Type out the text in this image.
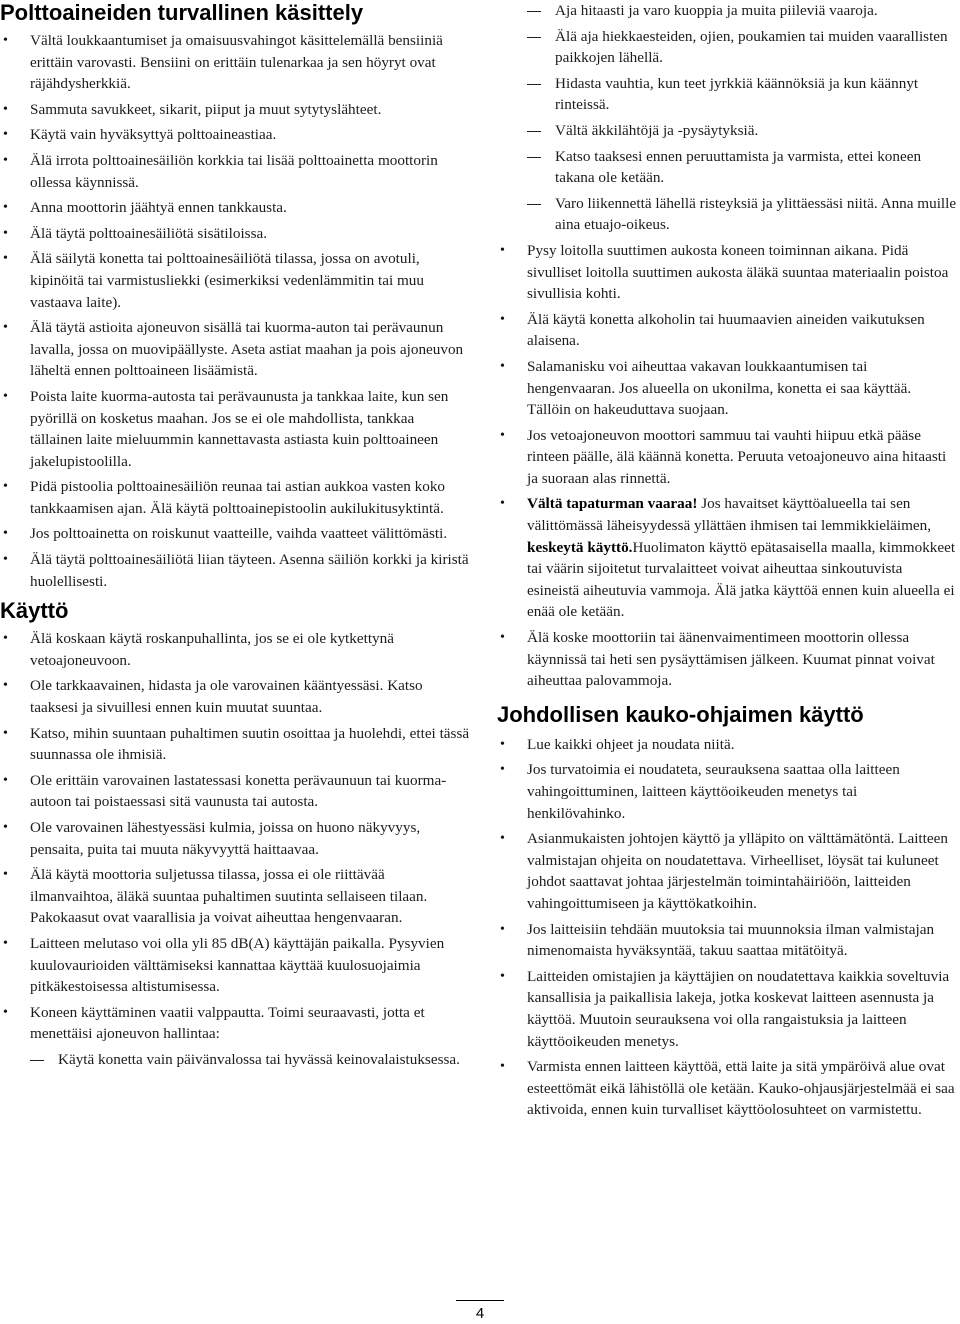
Polttoaineiden turvallinen käsittely
• Vältä loukkaantumiset ja omaisuusvahingot käsittelemällä bensiiniä erittäin varovasti. Bensiini on erittäin tulenarkaa ja sen höyryt ovat räjähdysherkkiä.
• Sammuta savukkeet, sikarit, piiput ja muut sytytyslähteet.
• Käytä vain hyväksyttyä polttoaineastiaa.
• Älä irrota polttoainesäiliön korkkia tai lisää polttoainetta moottorin ollessa käynnissä.
• Anna moottorin jäähtyä ennen tankkausta.
• Älä täytä polttoainesäiliötä sisätiloissa.
• Älä säilytä konetta tai polttoainesäiliötä tilassa, jossa on avotuli, kipinöitä tai varmistusliekki (esimerkiksi vedenlämmitin tai muu vastaava laite).
• Älä täytä astioita ajoneuvon sisällä tai kuorma-auton tai perävaunun lavalla, jossa on muovipäällyste. Aseta astiat maahan ja pois ajoneuvon läheltä ennen polttoaineen lisäämistä.
• Poista laite kuorma-autosta tai perävaunusta ja tankkaa laite, kun sen pyörillä on kosketus maahan. Jos se ei ole mahdollista, tankkaa tällainen laite mieluummin kannettavasta astiasta kuin polttoaineen jakelupistoolilla.
• Pidä pistoolia polttoainesäiliön reunaa tai astian aukkoa vasten koko tankkaamisen ajan. Älä käytä polttoainepistoolin aukilukitusyktintä.
• Jos polttoainetta on roiskunut vaatteille, vaihda vaatteet välittömästi.
• Älä täytä polttoainesäiliötä liian täyteen. Asenna säiliön korkki ja kiristä huolellisesti.
Käyttö
• Älä koskaan käytä roskanpuhallinta, jos se ei ole kytkettynä vetoajoneuvoon.
• Ole tarkkaavainen, hidasta ja ole varovainen kääntyessäsi. Katso taaksesi ja sivuillesi ennen kuin muutat suuntaa.
• Katso, mihin suuntaan puhaltimen suutin osoittaa ja huolehdi, ettei tässä suunnassa ole ihmisiä.
• Ole erittäin varovainen lastatessasi konetta perävaunuun tai kuorma-autoon tai poistaessasi sitä vaunusta tai autosta.
• Ole varovainen lähestyessäsi kulmia, joissa on huono näkyvyys, pensaita, puita tai muuta näkyvyyttä haittaavaa.
• Älä käytä moottoria suljetussa tilassa, jossa ei ole riittävää ilmanvaihtoa, äläkä suuntaa puhaltimen suutinta sellaiseen tilaan. Pakokaasut ovat vaarallisia ja voivat aiheuttaa hengenvaaran.
• Laitteen melutaso voi olla yli 85 dB(A) käyttäjän paikalla. Pysyvien kuulovaurioiden välttämiseksi kannattaa käyttää kuulosuojaimia pitkäkestoisessa altistumisessa.
• Koneen käyttäminen vaatii valppautta. Toimi seuraavasti, jotta et menettäisi ajoneuvon hallintaa:
Käytä konetta vain päivänvalossa tai hyvässä keinovalaistuksessa.
Aja hitaasti ja varo kuoppia ja muita piileviä vaaroja.
Älä aja hiekkaesteiden, ojien, poukamien tai muiden vaarallisten paikkojen lähellä.
Hidasta vauhtia, kun teet jyrkkiä käännöksiä ja kun käännyt rinteissä.
Vältä äkkilähtöjä ja -pysäytyksiä.
Katso taaksesi ennen peruuttamista ja varmista, ettei koneen takana ole ketään.
Varo liikennettä lähellä risteyksiä ja ylittäessäsi niitä. Anna muille aina etuajo-oikeus.
• Pysy loitolla suuttimen aukosta koneen toiminnan aikana. Pidä sivulliset loitolla suuttimen aukosta äläkä suuntaa materiaalin poistoa sivullisia kohti.
• Älä käytä konetta alkoholin tai huumaavien aineiden vaikutuksen alaisena.
• Salamanisku voi aiheuttaa vakavan loukkaantumisen tai hengenvaaran. Jos alueella on ukonilma, konetta ei saa käyttää. Tällöin on hakeuduttava suojaan.
• Jos vetoajoneuvon moottori sammuu tai vauhti hiipuu etkä pääse rinteen päälle, älä käännä konetta. Peruuta vetoajoneuvo aina hitaasti ja suoraan alas rinnettä.
• Vältä tapaturman vaaraa! Jos havaitset käyttöalueella tai sen välittömässä läheisyydessä yllättäen ihmisen tai lemmikkieläimen, keskeytä käyttö.Huolimaton käyttö epätasaisella maalla, kimmokkeet tai väärin sijoitetut turvalaitteet voivat aiheuttaa sinkoutuvista esineistä aiheutuvia vammoja. Älä jatka käyttöä ennen kuin alueella ei enää ole ketään.
• Älä koske moottoriin tai äänenvaimentimeen moottorin ollessa käynnissä tai heti sen pysäyttämisen jälkeen. Kuumat pinnat voivat aiheuttaa palovammoja.
Johdollisen kauko-ohjaimen käyttö
• Lue kaikki ohjeet ja noudata niitä.
• Jos turvatoimia ei noudateta, seurauksena saattaa olla laitteen vahingoittuminen, laitteen käyttöoikeuden menetys tai henkilövahinko.
• Asianmukaisten johtojen käyttö ja ylläpito on välttämätöntä. Laitteen valmistajan ohjeita on noudatettava. Virheelliset, löysät tai kuluneet johdot saattavat johtaa järjestelmän toimintahäiriöön, laitteiden vahingoittumiseen ja käyttökatkoihin.
• Jos laitteisiin tehdään muutoksia tai muunnoksia ilman valmistajan nimenomaista hyväksyntää, takuu saattaa mitätöityä.
• Laitteiden omistajien ja käyttäjien on noudatettava kaikkia soveltuvia kansallisia ja paikallisia lakeja, jotka koskevat laitteen asennusta ja käyttöä. Muutoin seurauksena voi olla rangaistuksia ja laitteen käyttöoikeuden menetys.
• Varmista ennen laitteen käyttöä, että laite ja sitä ympäröivä alue ovat esteettömät eikä lähistöllä ole ketään. Kauko-ohjausjärjestelmää ei saa aktivoida, ennen kuin turvalliset käyttöolosuhteet on varmistettu.
4
